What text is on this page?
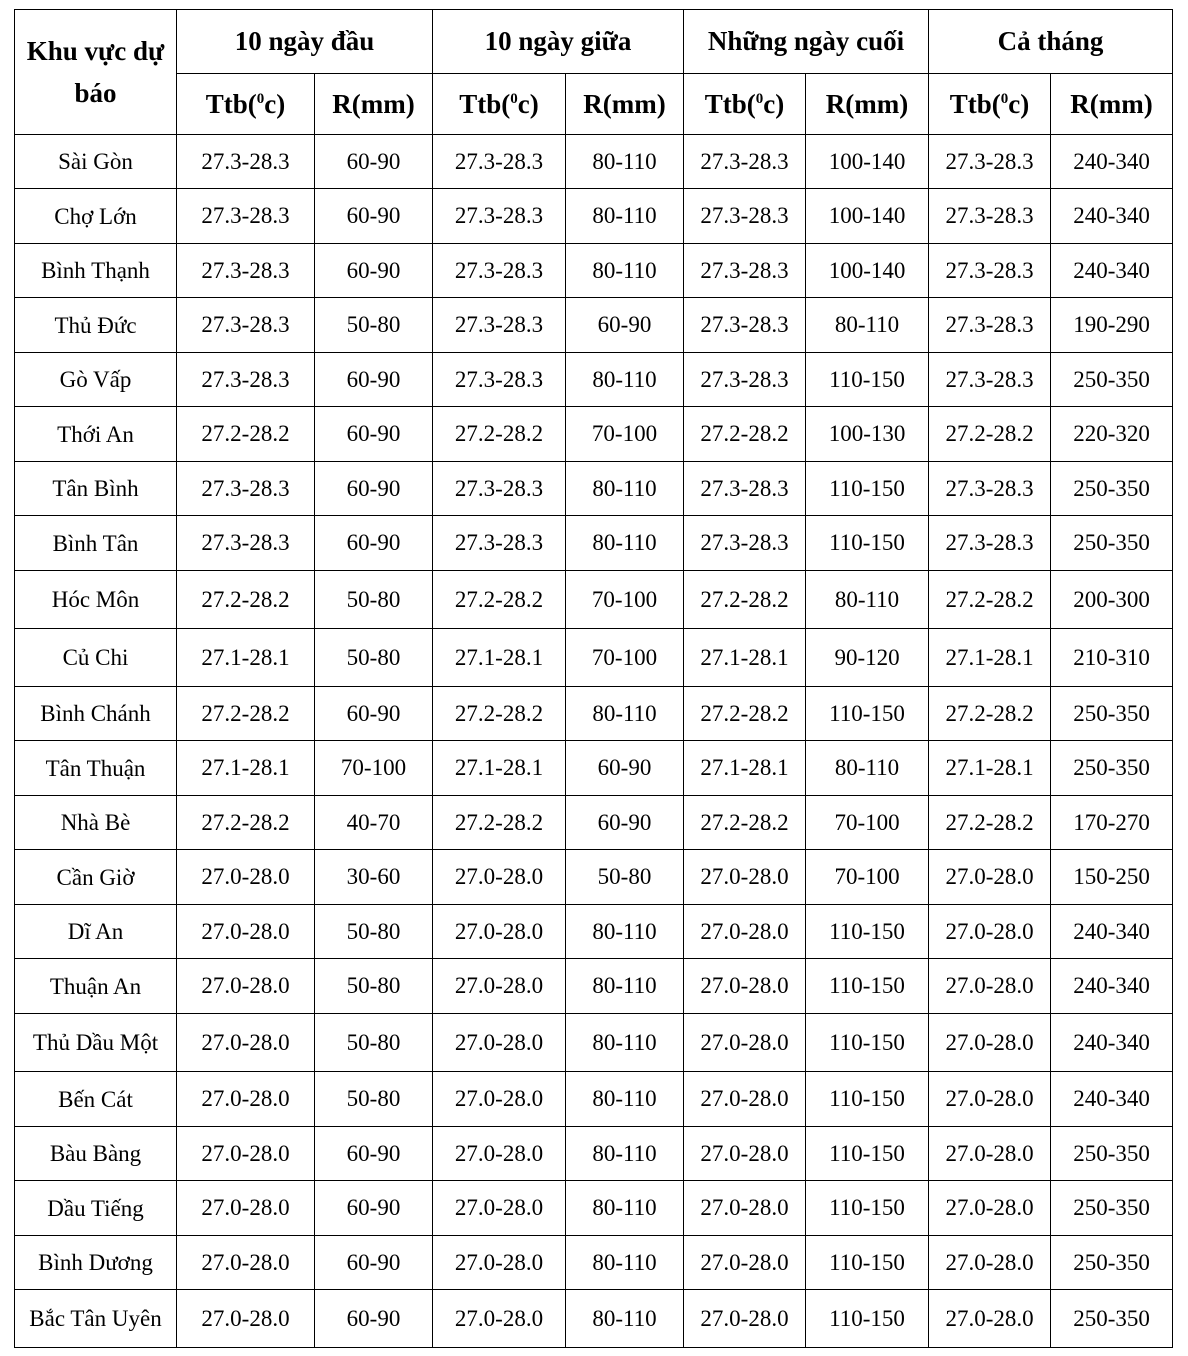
Khu vực dự báo	10 ngày đầu		10 ngày giữa		Những ngày cuối		Cả tháng	
	Ttb($^0$c)	R(mm)	Ttb($^0$c)	R(mm)	Ttb($^0$c)	R(mm)	Ttb($^0$c)	R(mm)
Sài Gòn	27.3-28.3	60-90	27.3-28.3	80-110	27.3-28.3	100-140	27.3-28.3	240-340
Chợ Lớn	27.3-28.3	60-90	27.3-28.3	80-110	27.3-28.3	100-140	27.3-28.3	240-340
Bình Thạnh	27.3-28.3	60-90	27.3-28.3	80-110	27.3-28.3	100-140	27.3-28.3	240-340
Thủ Đức	27.3-28.3	50-80	27.3-28.3	60-90	27.3-28.3	80-110	27.3-28.3	190-290
Gò Vấp	27.3-28.3	60-90	27.3-28.3	80-110	27.3-28.3	110-150	27.3-28.3	250-350
Thới An	27.2-28.2	60-90	27.2-28.2	70-100	27.2-28.2	100-130	27.2-28.2	220-320
Tân Bình	27.3-28.3	60-90	27.3-28.3	80-110	27.3-28.3	110-150	27.3-28.3	250-350
Bình Tân	27.3-28.3	60-90	27.3-28.3	80-110	27.3-28.3	110-150	27.3-28.3	250-350
Hóc Môn	27.2-28.2	50-80	27.2-28.2	70-100	27.2-28.2	80-110	27.2-28.2	200-300
Củ Chi	27.1-28.1	50-80	27.1-28.1	70-100	27.1-28.1	90-120	27.1-28.1	210-310
Bình Chánh	27.2-28.2	60-90	27.2-28.2	80-110	27.2-28.2	110-150	27.2-28.2	250-350
Tân Thuận	27.1-28.1	70-100	27.1-28.1	60-90	27.1-28.1	80-110	27.1-28.1	250-350
Nhà Bè	27.2-28.2	40-70	27.2-28.2	60-90	27.2-28.2	70-100	27.2-28.2	170-270
Cần Giờ	27.0-28.0	30-60	27.0-28.0	50-80	27.0-28.0	70-100	27.0-28.0	150-250
Dĩ An	27.0-28.0	50-80	27.0-28.0	80-110	27.0-28.0	110-150	27.0-28.0	240-340
Thuận An	27.0-28.0	50-80	27.0-28.0	80-110	27.0-28.0	110-150	27.0-28.0	240-340
Thủ Dầu Một	27.0-28.0	50-80	27.0-28.0	80-110	27.0-28.0	110-150	27.0-28.0	240-340
Bến Cát	27.0-28.0	50-80	27.0-28.0	80-110	27.0-28.0	110-150	27.0-28.0	240-340
Bàu Bàng	27.0-28.0	60-90	27.0-28.0	80-110	27.0-28.0	110-150	27.0-28.0	250-350
Dầu Tiếng	27.0-28.0	60-90	27.0-28.0	80-110	27.0-28.0	110-150	27.0-28.0	250-350
Bình Dương	27.0-28.0	60-90	27.0-28.0	80-110	27.0-28.0	110-150	27.0-28.0	250-350
Bắc Tân Uyên	27.0-28.0	60-90	27.0-28.0	80-110	27.0-28.0	110-150	27.0-28.0	250-350
